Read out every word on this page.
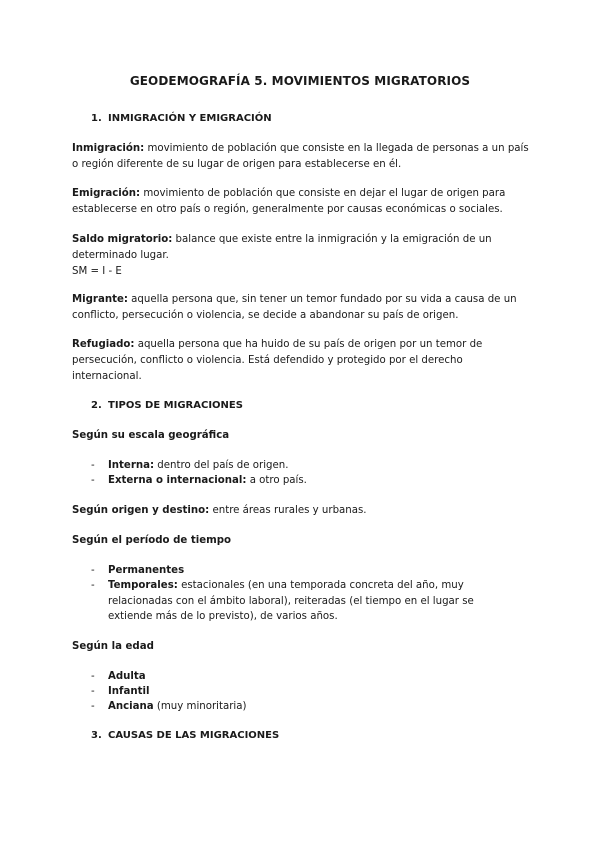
GEODEMOGRAFÍA 5. MOVIMIENTOS MIGRATORIOS
1. INMIGRACIÓN Y EMIGRACIÓN
Inmigración: movimiento de población que consiste en la llegada de personas a un país o región diferente de su lugar de origen para establecerse en él.
Emigración: movimiento de población que consiste en dejar el lugar de origen para establecerse en otro país o región, generalmente por causas económicas o sociales.
Saldo migratorio: balance que existe entre la inmigración y la emigración de un determinado lugar.
SM = I - E
Migrante: aquella persona que, sin tener un temor fundado por su vida a causa de un conflicto, persecución o violencia, se decide a abandonar su país de origen.
Refugiado: aquella persona que ha huido de su país de origen por un temor de persecución, conflicto o violencia. Está defendido y protegido por el derecho internacional.
2. TIPOS DE MIGRACIONES
Según su escala geográfica
- Interna: dentro del país de origen.
- Externa o internacional: a otro país.
Según origen y destino: entre áreas rurales y urbanas.
Según el período de tiempo
- Permanentes
- Temporales: estacionales (en una temporada concreta del año, muy relacionadas con el ámbito laboral), reiteradas (el tiempo en el lugar se extiende más de lo previsto), de varios años.
Según la edad
- Adulta
- Infantil
- Anciana (muy minoritaria)
3. CAUSAS DE LAS MIGRACIONES
